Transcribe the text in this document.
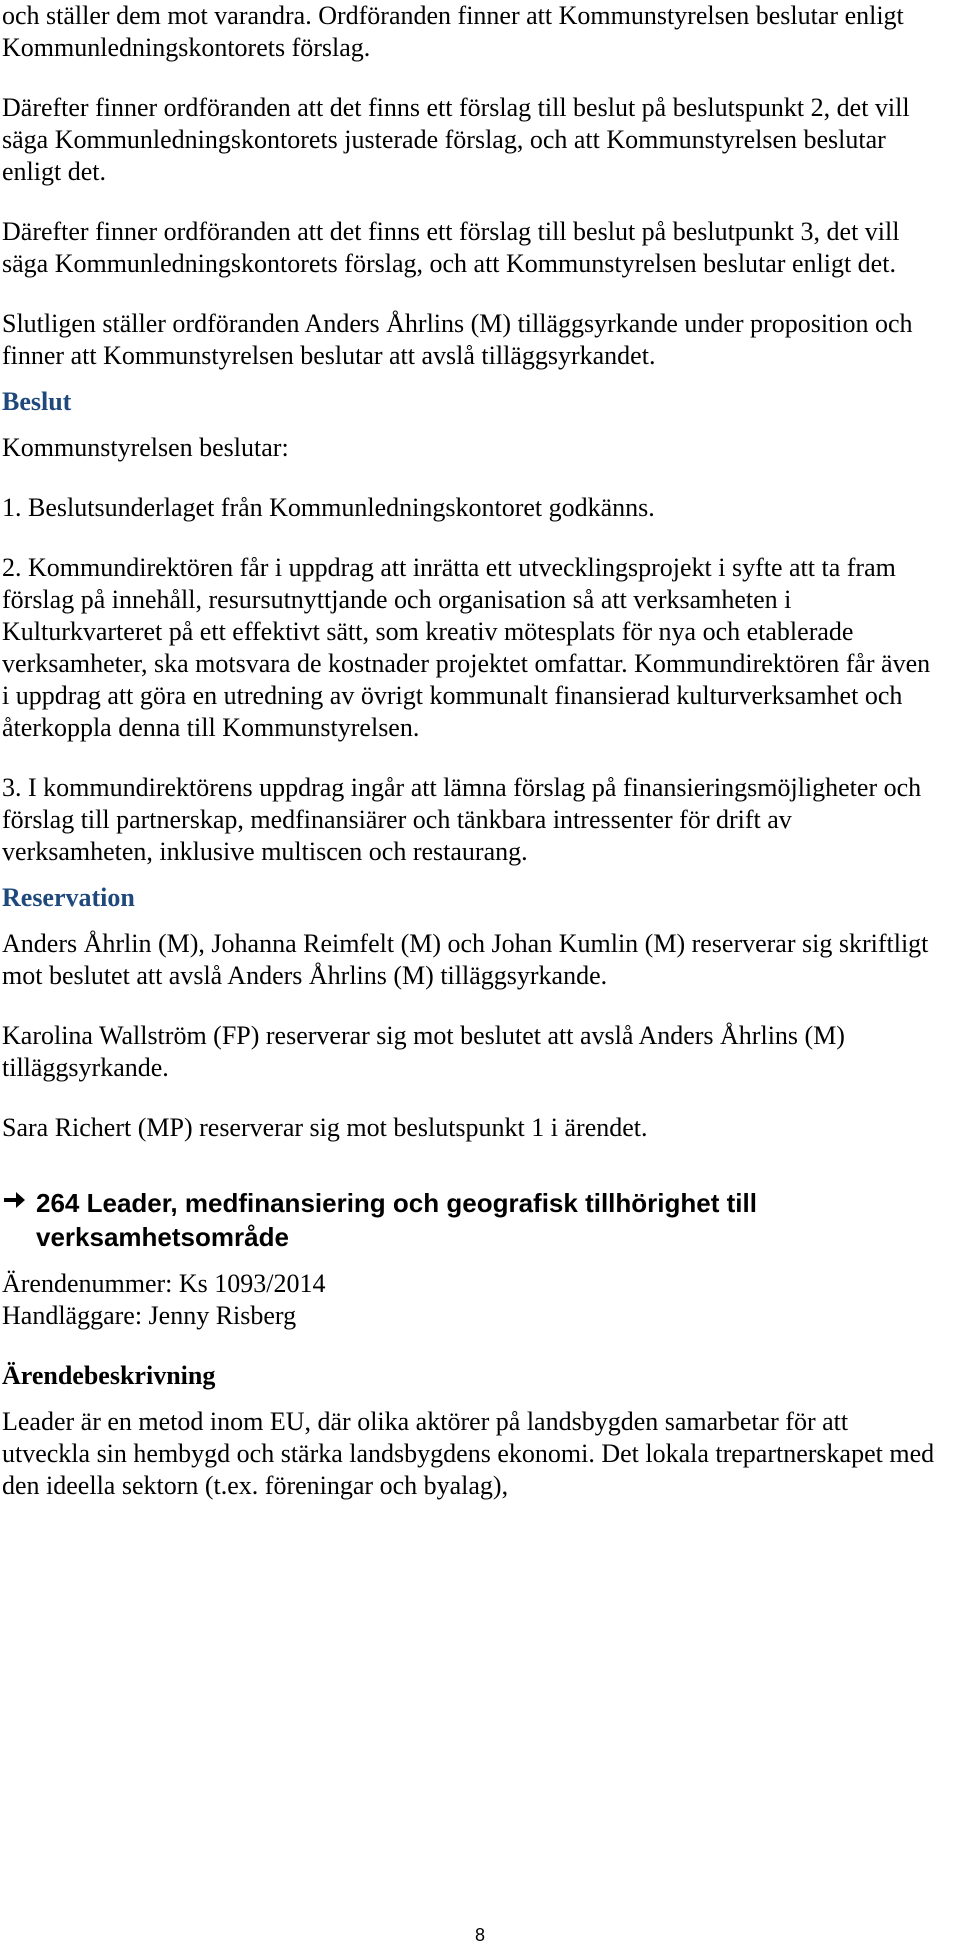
och ställer dem mot varandra. Ordföranden finner att Kommunstyrelsen beslutar enligt Kommunledningskontorets förslag.

Därefter finner ordföranden att det finns ett förslag till beslut på beslutspunkt 2, det vill säga Kommunledningskontorets justerade förslag, och att Kommunstyrelsen beslutar enligt det.

Därefter finner ordföranden att det finns ett förslag till beslut på beslutpunkt 3, det vill säga Kommunledningskontorets förslag, och att Kommunstyrelsen beslutar enligt det.

Slutligen ställer ordföranden Anders Åhrlins (M) tilläggsyrkande under proposition och finner att Kommunstyrelsen beslutar att avslå tilläggsyrkandet.

Beslut

Kommunstyrelsen beslutar:

1. Beslutsunderlaget från Kommunledningskontoret godkänns.

2. Kommundirektören får i uppdrag att inrätta ett utvecklingsprojekt i syfte att ta fram förslag på innehåll, resursutnyttjande och organisation så att verksamheten i Kulturkvarteret på ett effektivt sätt, som kreativ mötesplats för nya och etablerade verksamheter, ska motsvara de kostnader projektet omfattar. Kommundirektören får även i uppdrag att göra en utredning av övrigt kommunalt finansierad kulturverksamhet och återkoppla denna till Kommunstyrelsen.

3. I kommundirektörens uppdrag ingår att lämna förslag på finansieringsmöjligheter och förslag till partnerskap, medfinansiärer och tänkbara intressenter för drift av verksamheten, inklusive multiscen och restaurang.

Reservation

Anders Åhrlin (M), Johanna Reimfelt (M) och Johan Kumlin (M) reserverar sig skriftligt mot beslutet att avslå Anders Åhrlins (M) tilläggsyrkande.

Karolina Wallström (FP) reserverar sig mot beslutet att avslå Anders Åhrlins (M) tilläggsyrkande.

Sara Richert (MP) reserverar sig mot beslutspunkt 1 i ärendet.

264 Leader, medfinansiering och geografisk tillhörighet till verksamhetsområde

Ärendenummer: Ks 1093/2014

Handläggare: Jenny Risberg

Ärendebeskrivning

Leader är en metod inom EU, där olika aktörer på landsbygden samarbetar för att utveckla sin hembygd och stärka landsbygdens ekonomi. Det lokala trepartnerskapet med den ideella sektorn (t.ex. föreningar och byalag),

8
